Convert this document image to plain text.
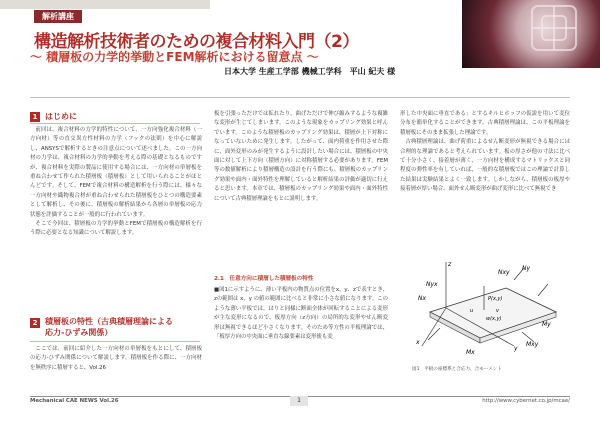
解析講座
構造解析技術者のための複合材料入門（2）
〜 積層板の力学的挙動とFEM解析における留意点 〜
日本大学 生産工学部 機械工学科　平山 紀夫 様
1 はじめに

前回は、複合材料の力学的特性について、一方向強化複合材料（一方向材）等の直交異方性材料の力学（フックの法則）を中心に解説し、ANSYSで解析するときの注意点について述べました。この一方向材の力学は、複合材料の力学的挙動を考える際の基礎となるものですが、複合材料を実際の製品に使用する場合には、一方向材の単層板を重ね合わせて作られた積層板（積層板）として用いられることがほとんどです。そして、FEMで複合材料の構造解析を行う際には、様々な一方向材や織物複合材が重ね合わせられた積層板をひとつの構造要素として解析し、その後に、積層板の解析結果から各層の単層板の応力状態を評価することが一般的に行われています。

そこで今回は、積層板の力学的挙動とFEMで積層板の構造解析を行う際に必要となる知識について解説します。

2 積層板の特性（古典積層理論による
応力-ひずみ関係）

ここでは、前回に紹介した一方向材の単層板をもとにして、積層板の応力-ひずみ関係について解説します。積層板を作る際に、一方向材を無秩序に積層すると、Vol.26

板を引張っただけでは拡れたり、曲げただけで伸び縮みするような複雑な変形が生じてしまいます。このような現象をカップリング効果と呼んでいます。このような積層板のカップリング効果は、積層が上下対称になっていないために発生します。したがって、面内荷重を作用させた際に、面外変形のみが発生するように設計したい場合には、積層板の中央面に対して上下方向（積層方向）に対称積層する必要があります。FEM等の数値解析により積層構造の設計を行う際にも、積層板のカップリング効果や面内・面外特性を理解していると解析結果の評価が適切に行えると思います。本章では、積層板のカップリング効果や面内・面外特性について古典積層理論をもとに説明します。

2.1　任意方向に積層した積層板の特性

■図1に示すように、薄い平板内の物質点の位置をx、y、zで表すとき、zの範囲は x、y の値の範囲に比べると非常に小さな値になります。このような薄い平板では、はりと同様に断面全体が回転することによる変形が主な変形になるので、板厚方向（z方向）の局所的な変形やせん断変形は無視できるほど小さくなります。そのため等方性の平板理論では、「板厚方向の中央面に垂直な線要素は変形後も変

形した中央面に垂直である」とするキルヒホッフの仮説を用いて変位分布を簡単化することができます。古典積層理論は、この平板理論を積層板にそのまま拡張した理論です。

古典積層理論は、曲げ荷重によるせん断変形が無視できる場合には合理的な理論であると考えられています。板の厚さが他の寸法に比べて十分小さく、接着層が薄く、一方向材を構成するマトリックスと同程度の弾性率を有していれば、一般的な積層板ではこの理論で計算した結果は実験結果とよく一致します。しかしながら、積層板の板厚や接着層が厚い場合、面外せん断変形が曲げ変形に比べて無視でき

z
Nxy
Ny
Nx
Nyx
Mxy
My
Mx
P(x,y)
x
y
u	v
w(x,y)
図1　平板の座標系と合応力、合モーメント
Mechanical CAE NEWS Vol.26	1	http://www.cybernet.co.jp/mcae/
